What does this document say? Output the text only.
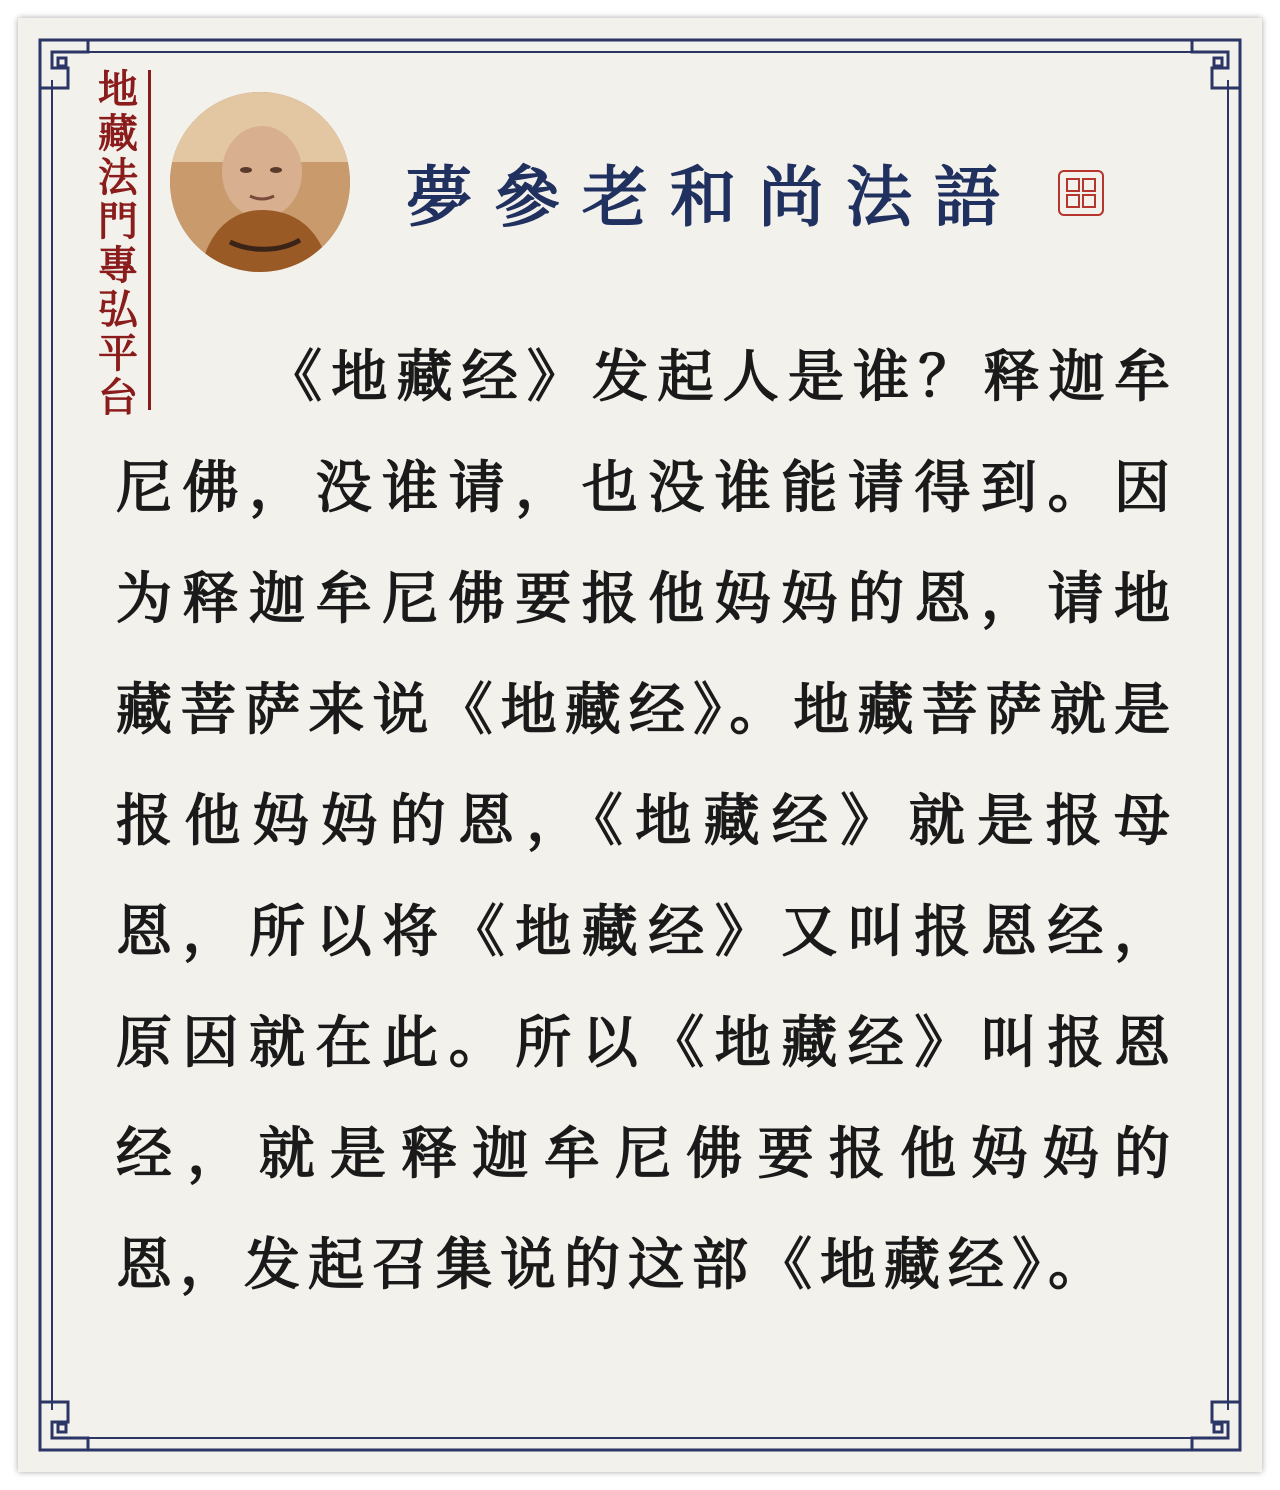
地
藏
法
門
專
弘
平
台
夢參老和尚法語
《地藏经》发起人是谁？释迦牟尼佛，没谁请，也没谁能请得到。因为释迦牟尼佛要报他妈妈的恩，请地藏菩萨来说《地藏经》。地藏菩萨就是报他妈妈的恩，《地藏经》就是报母恩，所以将《地藏经》又叫报恩经，原因就在此。所以《地藏经》叫报恩经，就是释迦牟尼佛要报他妈妈的恩，发起召集说的这部《地藏经》。
